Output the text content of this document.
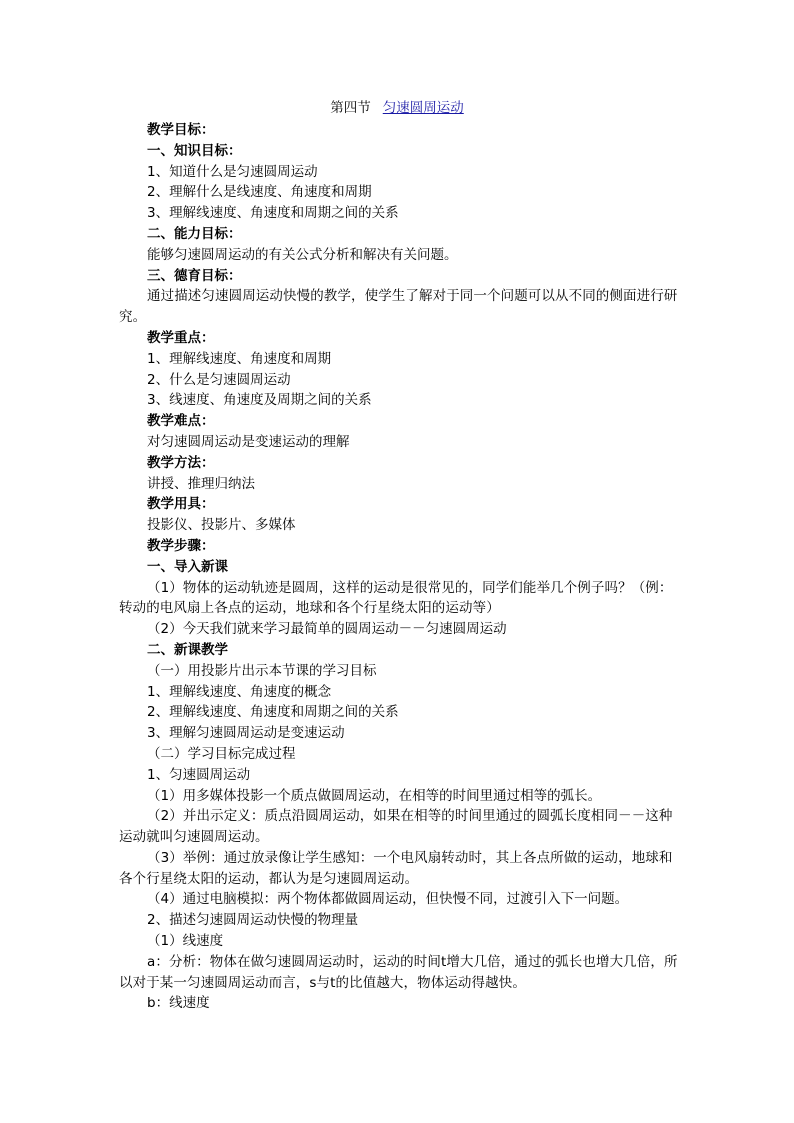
第四节 匀速圆周运动
教学目标：
一、知识目标：
1、知道什么是匀速圆周运动
2、理解什么是线速度、角速度和周期
3、理解线速度、角速度和周期之间的关系
二、能力目标：
能够匀速圆周运动的有关公式分析和解决有关问题。
三、德育目标：
通过描述匀速圆周运动快慢的教学，使学生了解对于同一个问题可以从不同的侧面进行研究。
教学重点：
1、理解线速度、角速度和周期
2、什么是匀速圆周运动
3、线速度、角速度及周期之间的关系
教学难点：
对匀速圆周运动是变速运动的理解
教学方法：
讲授、推理归纳法
教学用具：
投影仪、投影片、多媒体
教学步骤：
一、导入新课
（1）物体的运动轨迹是圆周，这样的运动是很常见的，同学们能举几个例子吗？（例：转动的电风扇上各点的运动，地球和各个行星绕太阳的运动等）
（2）今天我们就来学习最简单的圆周运动－－匀速圆周运动
二、新课教学
（一）用投影片出示本节课的学习目标
1、理解线速度、角速度的概念
2、理解线速度、角速度和周期之间的关系
3、理解匀速圆周运动是变速运动
（二）学习目标完成过程
1、匀速圆周运动
（1）用多媒体投影一个质点做圆周运动，在相等的时间里通过相等的弧长。
（2）并出示定义：质点沿圆周运动，如果在相等的时间里通过的圆弧长度相同－－这种运动就叫匀速圆周运动。
（3）举例：通过放录像让学生感知：一个电风扇转动时，其上各点所做的运动，地球和各个行星绕太阳的运动，都认为是匀速圆周运动。
（4）通过电脑模拟：两个物体都做圆周运动，但快慢不同，过渡引入下一问题。
2、描述匀速圆周运动快慢的物理量
（1）线速度
a：分析：物体在做匀速圆周运动时，运动的时间t增大几倍，通过的弧长也增大几倍，所以对于某一匀速圆周运动而言，s与t的比值越大，物体运动得越快。
b：线速度
